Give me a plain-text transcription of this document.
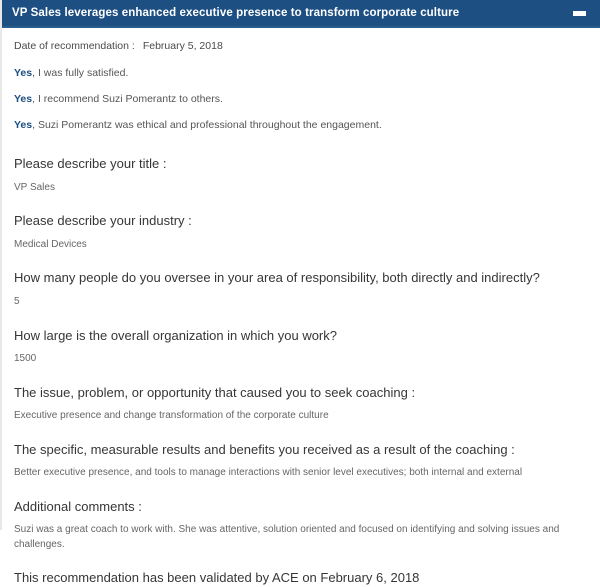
VP Sales leverages enhanced executive presence to transform corporate culture
Date of recommendation : February 5, 2018
Yes, I was fully satisfied.
Yes, I recommend Suzi Pomerantz to others.
Yes, Suzi Pomerantz was ethical and professional throughout the engagement.
Please describe your title :
VP Sales
Please describe your industry :
Medical Devices
How many people do you oversee in your area of responsibility, both directly and indirectly?
5
How large is the overall organization in which you work?
1500
The issue, problem, or opportunity that caused you to seek coaching :
Executive presence and change transformation of the corporate culture
The specific, measurable results and benefits you received as a result of the coaching :
Better executive presence, and tools to manage interactions with senior level executives; both internal and external
Additional comments :
Suzi was a great coach to work with. She was attentive, solution oriented and focused on identifying and solving issues and challenges.
This recommendation has been validated by ACE on February 6, 2018
